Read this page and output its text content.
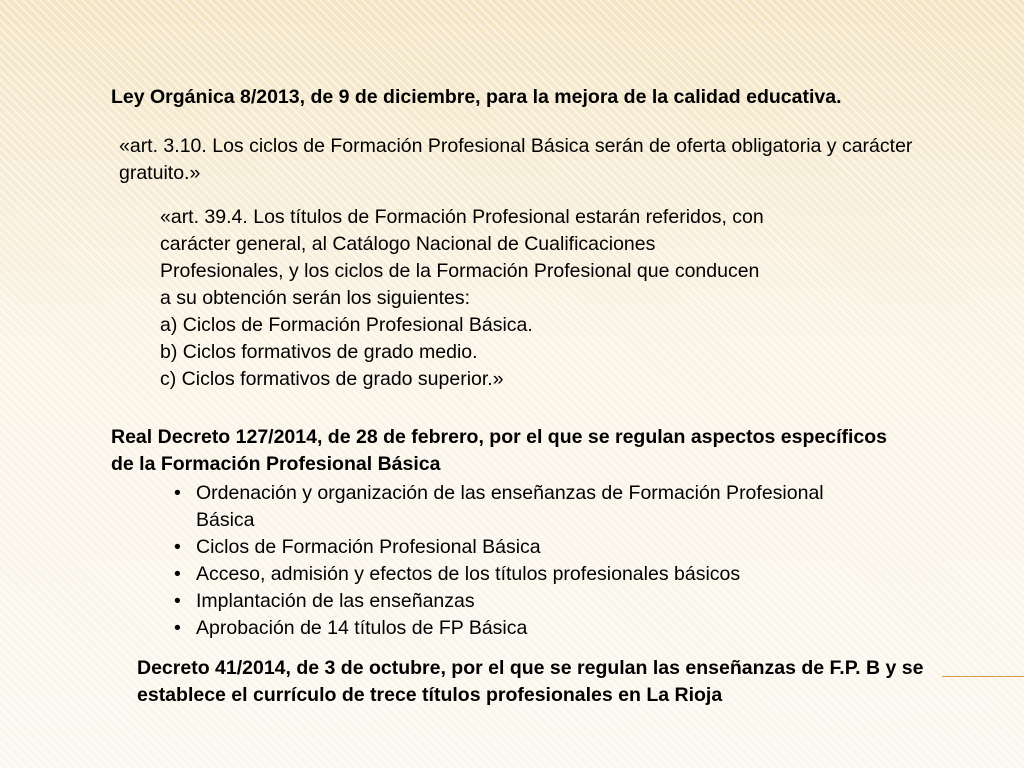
Ley Orgánica 8/2013, de 9 de diciembre, para la mejora de la calidad educativa.

«art. 3.10. Los ciclos de Formación Profesional Básica serán de oferta obligatoria y carácter gratuito.»

«art. 39.4. Los títulos de Formación Profesional estarán referidos, con
carácter general, al Catálogo Nacional de Cualificaciones
Profesionales, y los ciclos de la Formación Profesional que conducen
a su obtención serán los siguientes:
a) Ciclos de Formación Profesional Básica.
b) Ciclos formativos de grado medio.
c) Ciclos formativos de grado superior.»

Real Decreto 127/2014, de 28 de febrero, por el que se regulan aspectos específicos de la Formación Profesional Básica

• Ordenación y organización de las enseñanzas de Formación Profesional Básica
• Ciclos de Formación Profesional Básica
• Acceso, admisión y efectos de los títulos profesionales básicos
• Implantación de las enseñanzas
• Aprobación de 14 títulos de FP Básica

Decreto 41/2014, de 3 de octubre, por el que se regulan las enseñanzas de F.P. B y se establece el currículo de trece títulos profesionales en La Rioja
